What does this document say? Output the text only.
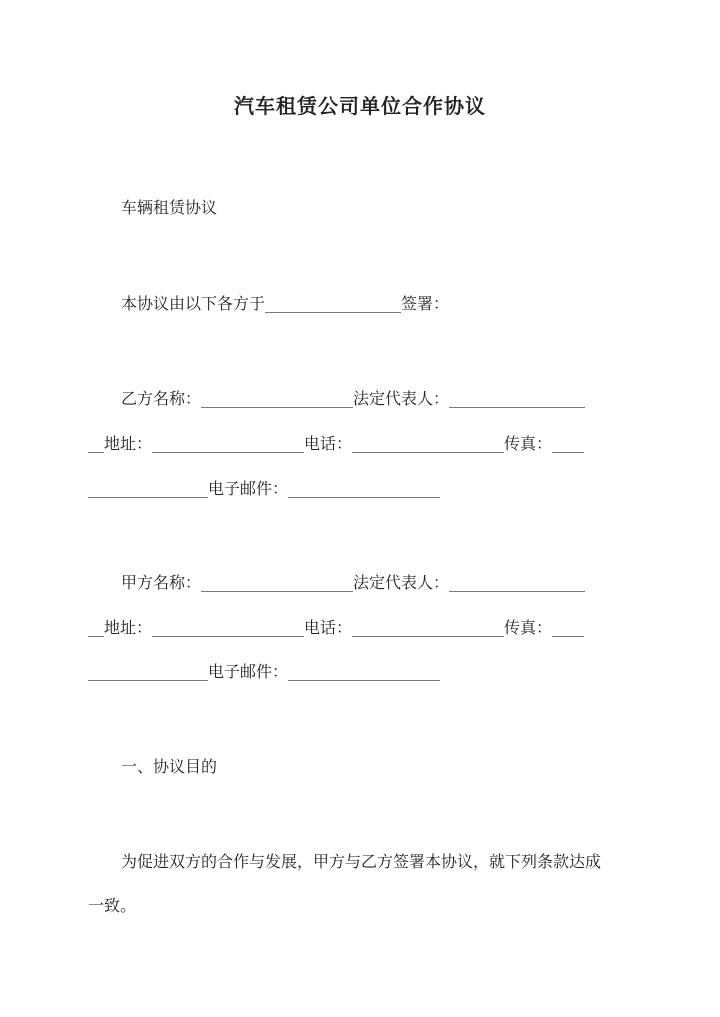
汽车租赁公司单位合作协议
车辆租赁协议
本协议由以下各方于_________________签署：
乙方名称：___________________法定代表人：_________________
__地址：___________________电话：___________________传真：____
_______________电子邮件：___________________
甲方名称：___________________法定代表人：_________________
__地址：___________________电话：___________________传真：____
_______________电子邮件：___________________
一、协议目的
为促进双方的合作与发展，甲方与乙方签署本协议，就下列条款达成
一致。
